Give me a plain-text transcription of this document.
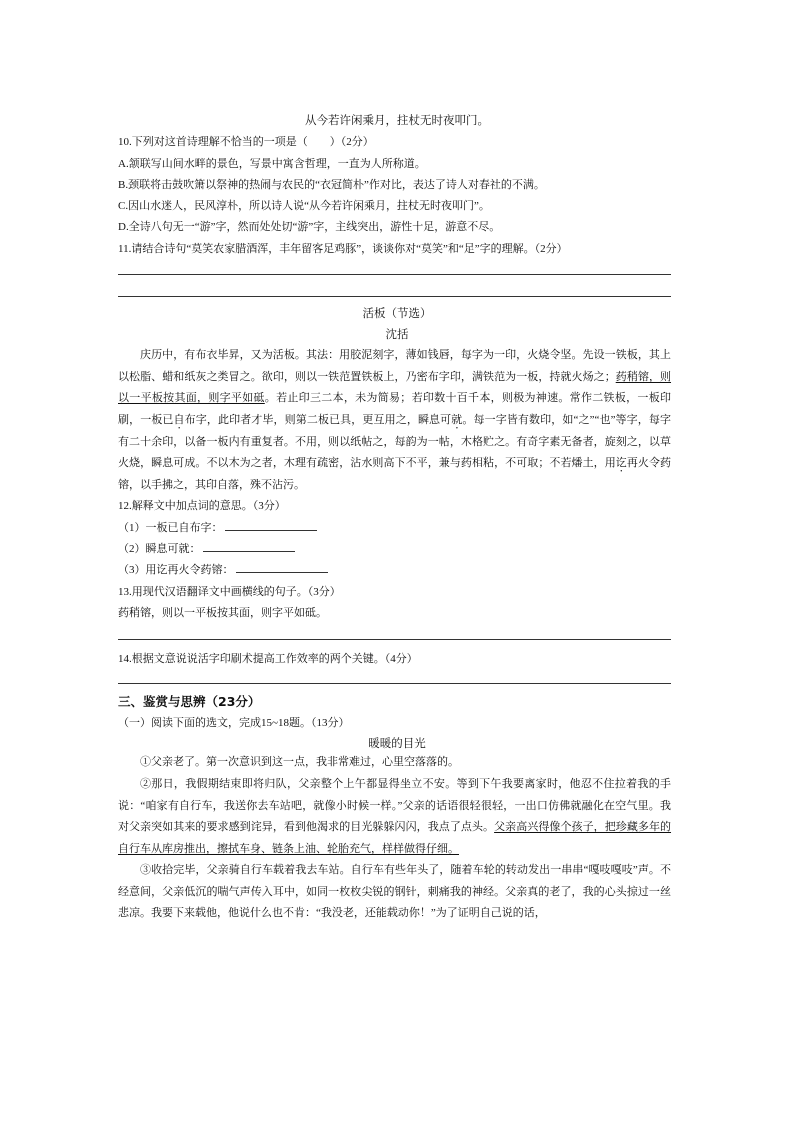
从今若许闲乘月，拄杖无时夜叩门。
10.下列对这首诗理解不恰当的一项是（　　）（2分）
A.颔联写山间水畔的景色，写景中寓含哲理，一直为人所称道。
B.颈联将击鼓吹箫以祭神的热闹与农民的“衣冠简朴”作对比，表达了诗人对春社的不满。
C.因山水迷人，民风淳朴，所以诗人说“从今若许闲乘月，拄杖无时夜叩门”。
D.全诗八句无一“游”字，然而处处切“游”字，主线突出，游性十足，游意不尽。
11.请结合诗句“莫笑农家腊酒浑，丰年留客足鸡豚”，谈谈你对“莫笑”和“足”字的理解。（2分）
活板（节选）
沈括
庆历中，有布衣毕昇，又为活板。其法：用胶泥刻字，薄如钱唇，每字为一印，火烧令坚。先设一铁板，其上以松脂、蜡和纸灰之类冒之。欲印，则以一铁范置铁板上，乃密布字印，满铁范为一板，持就火炀之；药稍镕，则以一平板按其面，则字平如砥。若止印三二本，未为简易；若印数十百千本，则极为神速。常作二铁板，一板印刷，一板已自布字，此印者才毕，则第二板已具，更互用之，瞬息可就。每一字皆有数印，如“之”“也”等字，每字有二十余印，以备一板内有重复者。不用，则以纸帖之，每韵为一帖，木格贮之。有奇字素无备者，旋刻之，以草火烧，瞬息可成。不以木为之者，木理有疏密，沾水则高下不平，兼与药相粘，不可取；不若燔土，用讫再火令药镕，以手拂之，其印自落，殊不沾污。
12.解释文中加点词的意思。（3分）
（1）一板已自布字：
（2）瞬息可就：
（3）用讫再火令药镕：
13.用现代汉语翻译文中画横线的句子。（3分）
药稍镕，则以一平板按其面，则字平如砥。
14.根据文意说说活字印刷术提高工作效率的两个关键。（4分）
三、鉴赏与思辨（23分）
（一）阅读下面的选文，完成15~18题。（13分）
暖暖的目光
①父亲老了。第一次意识到这一点，我非常难过，心里空落落的。
②那日，我假期结束即将归队，父亲整个上午都显得坐立不安。等到下午我要离家时，他忍不住拉着我的手说：“咱家有自行车，我送你去车站吧，就像小时候一样。”父亲的话语很轻很轻，一出口仿佛就融化在空气里。我对父亲突如其来的要求感到诧异，看到他渴求的目光躲躲闪闪，我点了点头。父亲高兴得像个孩子，把珍藏多年的自行车从库房推出，擦拭车身、链条上油、轮胎充气，样样做得仔细。
③收拾完毕，父亲骑自行车载着我去车站。自行车有些年头了，随着车轮的转动发出一串串“嘎吱嘎吱”声。不经意间，父亲低沉的喘气声传入耳中，如同一枚枚尖锐的钢针，刺痛我的神经。父亲真的老了，我的心头掠过一丝悲凉。我要下来载他，他说什么也不肯：“我没老，还能载动你！”为了证明自己说的话，
